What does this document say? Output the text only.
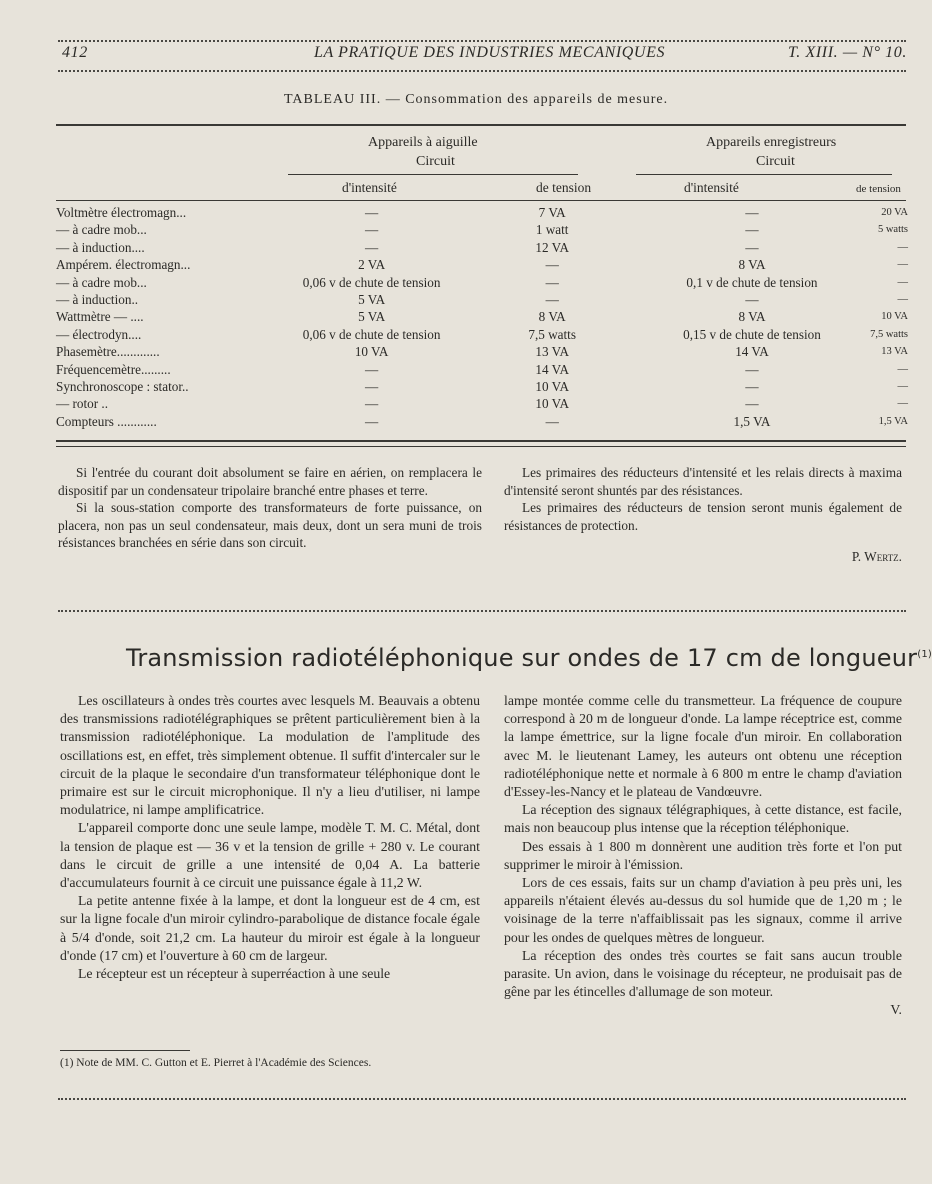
412	LA PRATIQUE DES INDUSTRIES MECANIQUES	T. XIII. — N° 10.
TABLEAU III. — Consommation des appareils de mesure.
Appareils à aiguille
Circuit
Appareils enregistreurs
Circuit
d'intensité	de tension	d'intensité	de tension
Voltmètre électromagn...	—	7 VA	—	20 VA
— à cadre mob...	—	1 watt	—	5 watts
— à induction....	—	12 VA	—	—
Ampérem. électromagn...	2 VA	—	8 VA	—
— à cadre mob...	0,06 v de chute de tension	—	0,1 v de chute de tension	—
— à induction..	5 VA	—	—	—
Wattmètre — ....	5 VA	8 VA	8 VA	10 VA
— électrodyn....	0,06 v de chute de tension	7,5 watts	0,15 v de chute de tension	7,5 watts
Phasemètre.............	10 VA	13 VA	14 VA	13 VA
Fréquencemètre.........	—	14 VA	—	—
Synchronoscope : stator..	—	10 VA	—	—
— rotor ..	—	10 VA	—	—
Compteurs ............	—	—	1,5 VA	1,5 VA

Si l'entrée du courant doit absolument se faire en aérien, on remplacera le dispositif par un condensateur tripolaire branché entre phases et terre.

Si la sous-station comporte des transformateurs de forte puissance, on placera, non pas un seul condensateur, mais deux, dont un sera muni de trois résistances branchées en série dans son circuit.

Les primaires des réducteurs d'intensité et les relais directs à maxima d'intensité seront shuntés par des résistances.

Les primaires des réducteurs de tension seront munis également de résistances de protection.

P. Wertz.

Transmission radiotéléphonique sur ondes de 17 cm de longueur$^{(1)}$

Les oscillateurs à ondes très courtes avec lesquels M. Beauvais a obtenu des transmissions radiotélégraphiques se prêtent particulièrement bien à la transmission radiotéléphonique. La modulation de l'amplitude des oscillations est, en effet, très simplement obtenue. Il suffit d'intercaler sur le circuit de la plaque le secondaire d'un transformateur téléphonique dont le primaire est sur le circuit microphonique. Il n'y a lieu d'utiliser, ni lampe modulatrice, ni lampe amplificatrice.

L'appareil comporte donc une seule lampe, modèle T. M. C. Métal, dont la tension de plaque est — 36 v et la tension de grille + 280 v. Le courant dans le circuit de grille a une intensité de 0,04 A. La batterie d'accumulateurs fournit à ce circuit une puissance égale à 11,2 W.

La petite antenne fixée à la lampe, et dont la longueur est de 4 cm, est sur la ligne focale d'un miroir cylindro-parabolique de distance focale égale à 5/4 d'onde, soit 21,2 cm. La hauteur du miroir est égale à la longueur d'onde (17 cm) et l'ouverture à 60 cm de largeur.

Le récepteur est un récepteur à superréaction à une seule

(1) Note de MM. C. Gutton et E. Pierret à l'Académie des Sciences.

lampe montée comme celle du transmetteur. La fréquence de coupure correspond à 20 m de longueur d'onde. La lampe réceptrice est, comme la lampe émettrice, sur la ligne focale d'un miroir. En collaboration avec M. le lieutenant Lamey, les auteurs ont obtenu une réception radiotéléphonique nette et normale à 6 800 m entre le champ d'aviation d'Essey-les-Nancy et le plateau de Vandœuvre.

La réception des signaux télégraphiques, à cette distance, est facile, mais non beaucoup plus intense que la réception téléphonique.

Des essais à 1 800 m donnèrent une audition très forte et l'on put supprimer le miroir à l'émission.

Lors de ces essais, faits sur un champ d'aviation à peu près uni, les appareils n'étaient élevés au-dessus du sol humide que de 1,20 m ; le voisinage de la terre n'affaiblissait pas les signaux, comme il arrive pour les ondes de quelques mètres de longueur.

La réception des ondes très courtes se fait sans aucun trouble parasite. Un avion, dans le voisinage du récepteur, ne produisait pas de gêne par les étincelles d'allumage de son moteur.

V.
